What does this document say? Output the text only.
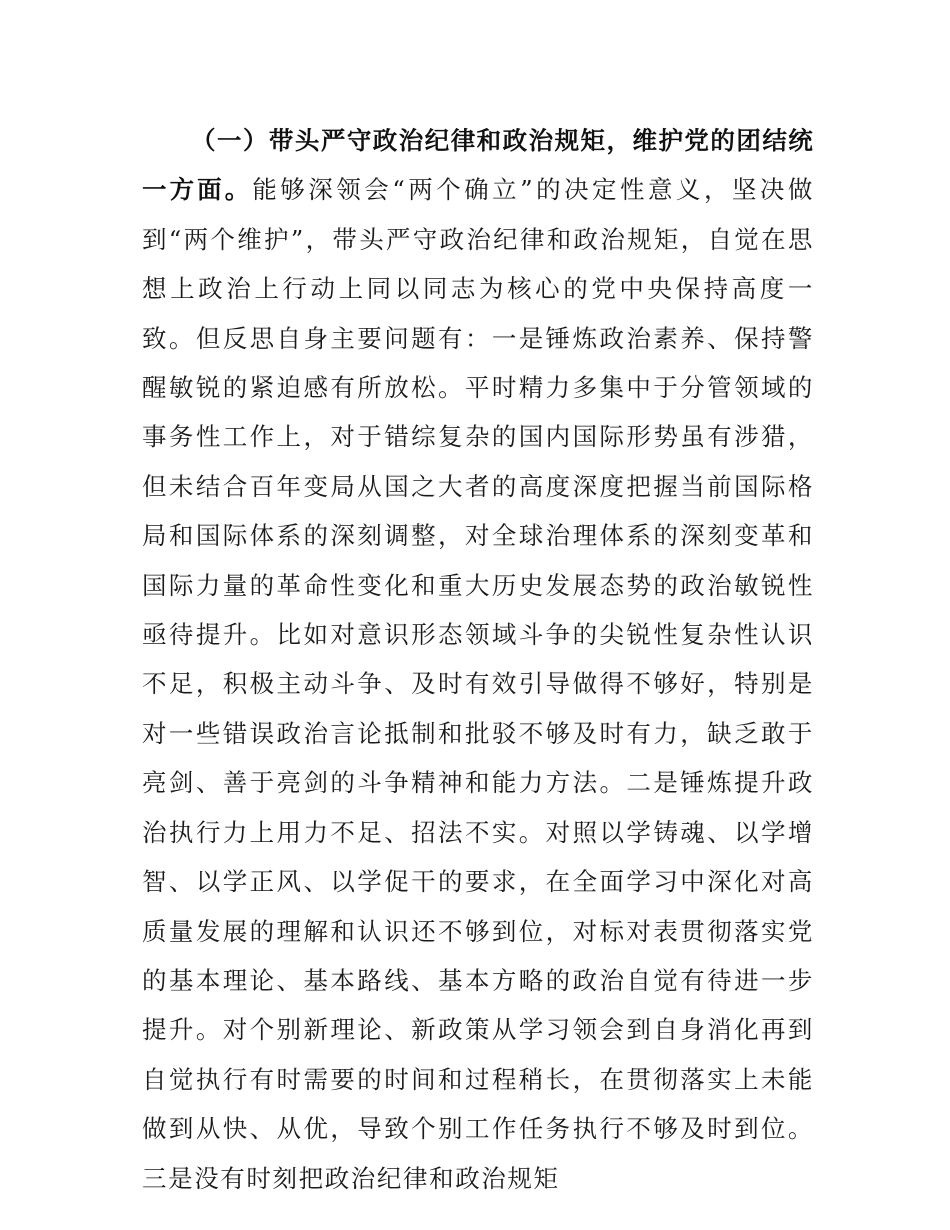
（一）带头严守政治纪律和政治规矩，维护党的团结统一方面。能够深领会“两个确立”的决定性意义，坚决做到“两个维护”，带头严守政治纪律和政治规矩，自觉在思想上政治上行动上同以同志为核心的党中央保持高度一致。但反思自身主要问题有：一是锤炼政治素养、保持警醒敏锐的紧迫感有所放松。平时精力多集中于分管领域的事务性工作上，对于错综复杂的国内国际形势虽有涉猎，但未结合百年变局从国之大者的高度深度把握当前国际格局和国际体系的深刻调整，对全球治理体系的深刻变革和国际力量的革命性变化和重大历史发展态势的政治敏锐性亟待提升。比如对意识形态领域斗争的尖锐性复杂性认识不足，积极主动斗争、及时有效引导做得不够好，特别是对一些错误政治言论抵制和批驳不够及时有力，缺乏敢于亮剑、善于亮剑的斗争精神和能力方法。二是锤炼提升政治执行力上用力不足、招法不实。对照以学铸魂、以学增智、以学正风、以学促干的要求，在全面学习中深化对高质量发展的理解和认识还不够到位，对标对表贯彻落实党的基本理论、基本路线、基本方略的政治自觉有待进一步提升。对个别新理论、新政策从学习领会到自身消化再到自觉执行有时需要的时间和过程稍长，在贯彻落实上未能做到从快、从优，导致个别工作任务执行不够及时到位。三是没有时刻把政治纪律和政治规矩
